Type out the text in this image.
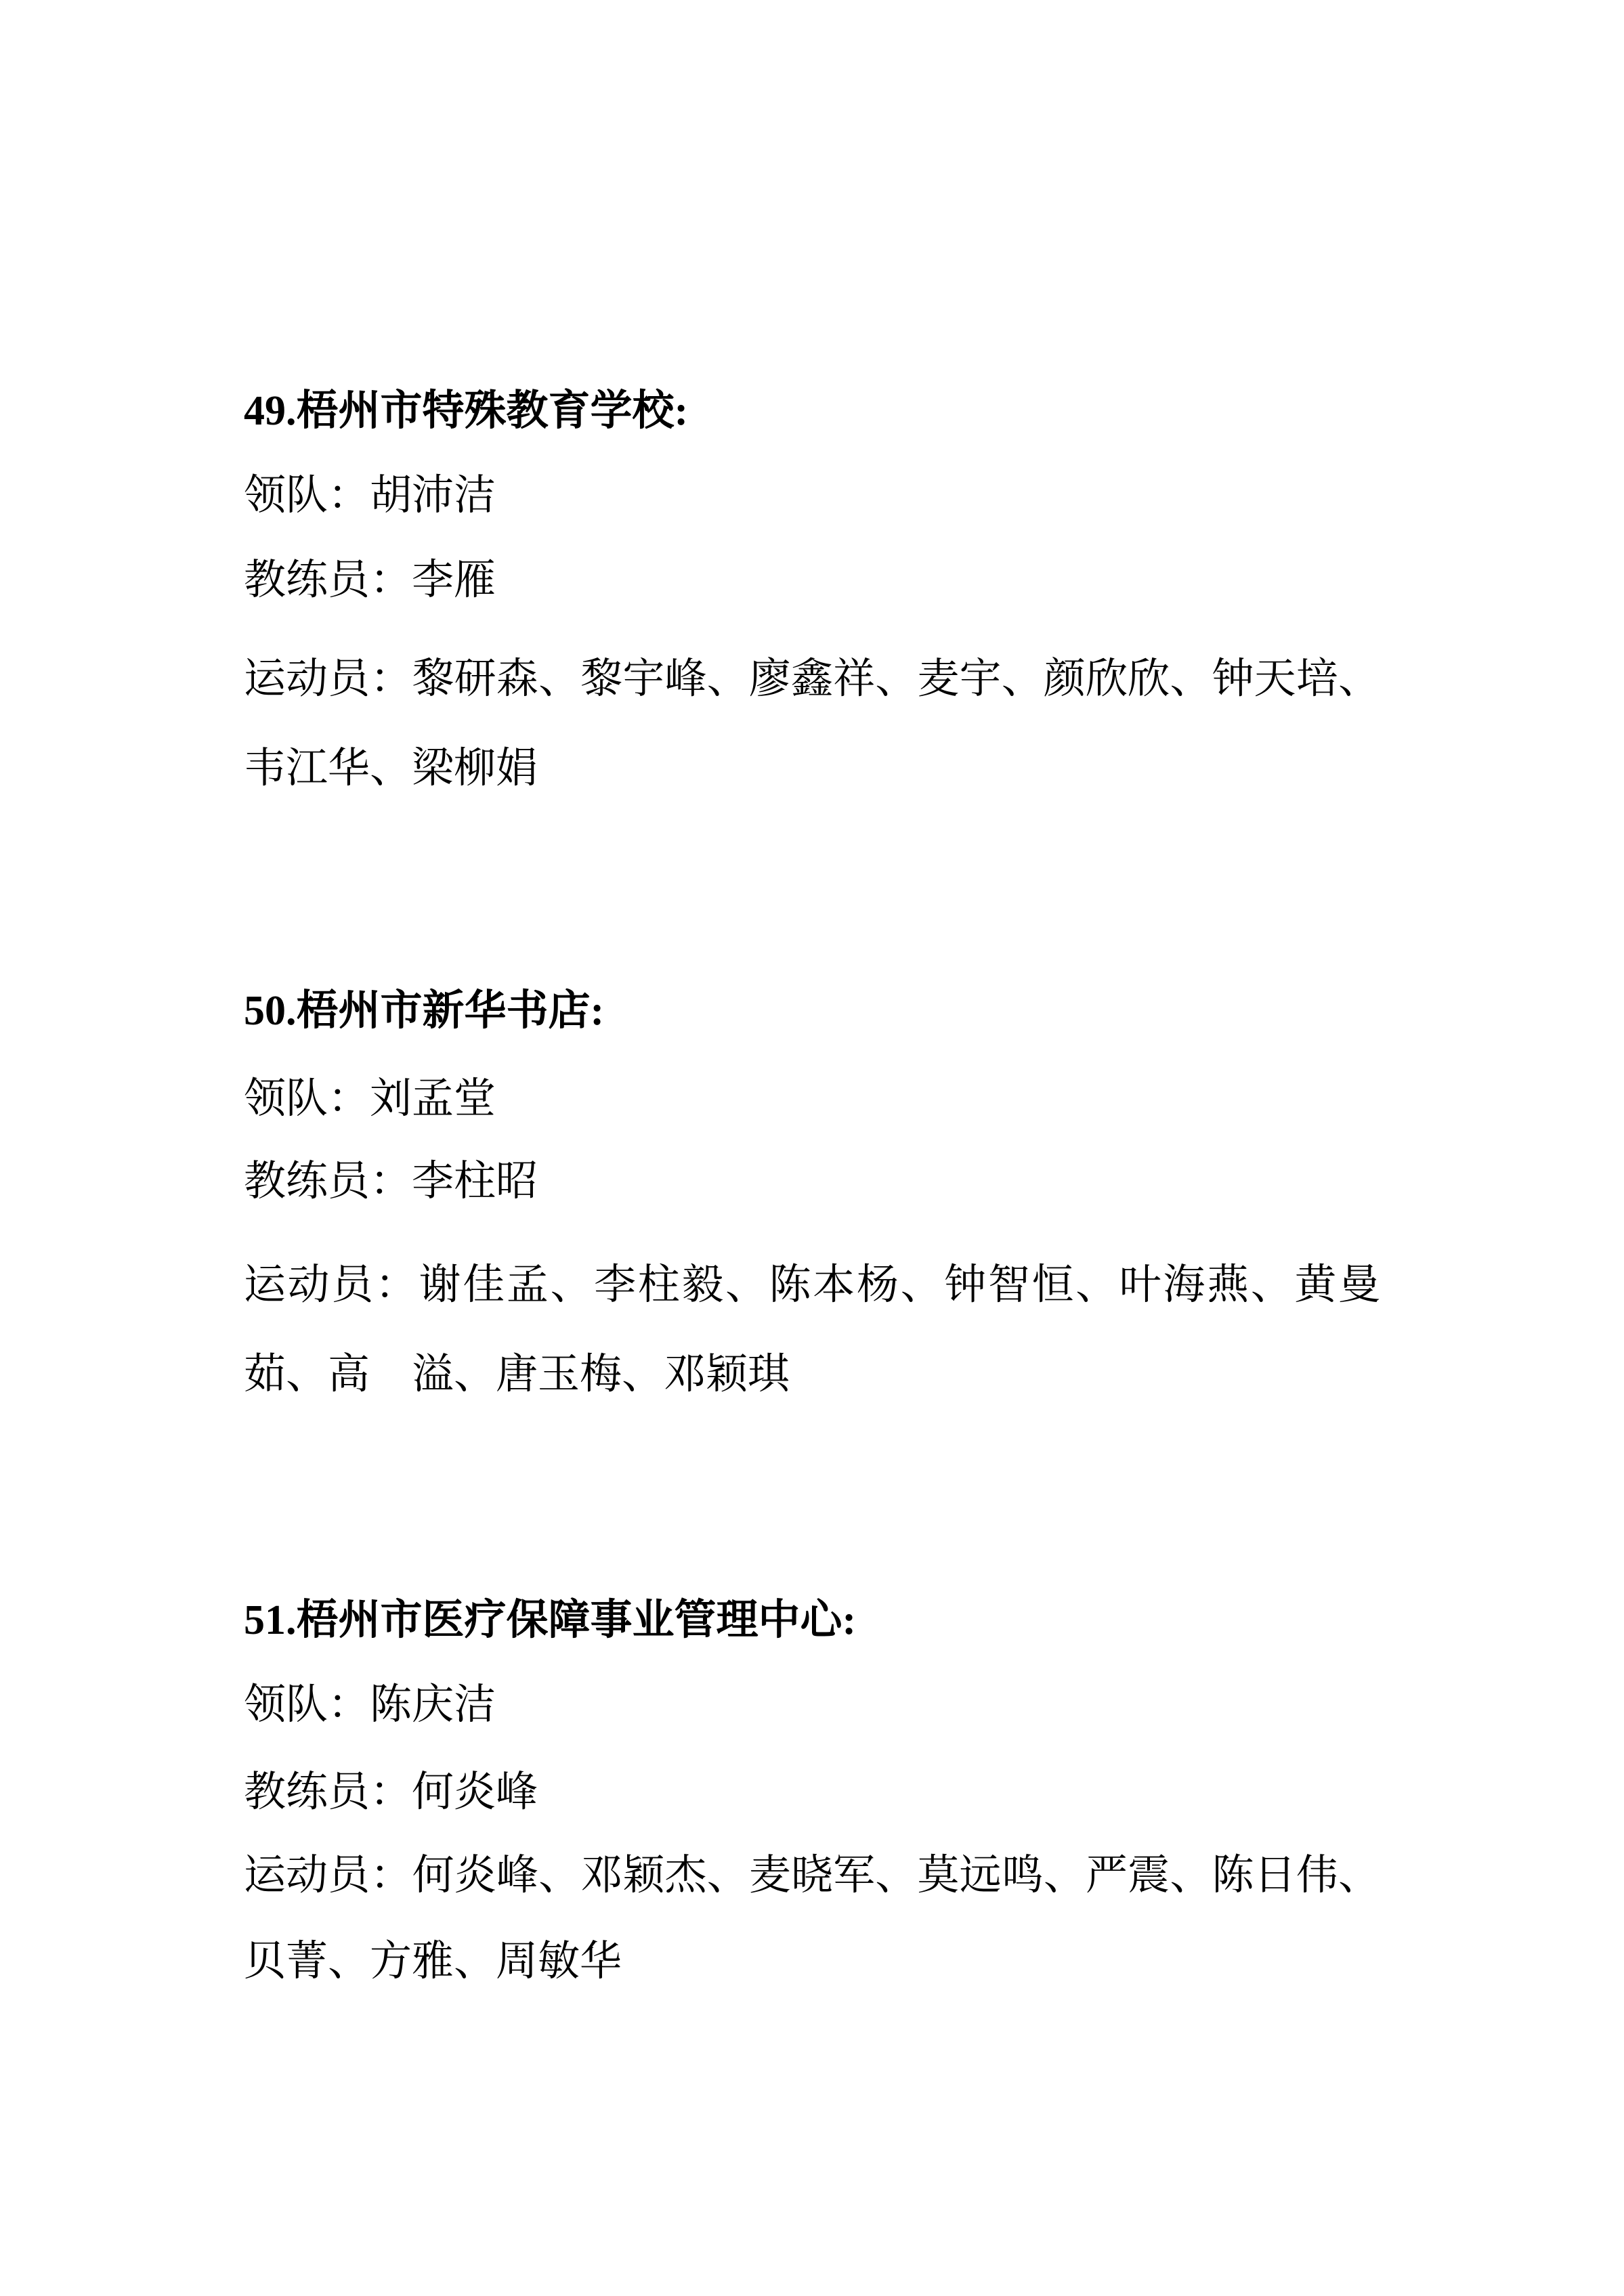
49.梧州市特殊教育学校:
领队：胡沛洁
教练员：李雁
运动员：黎研森、黎宇峰、廖鑫祥、麦宇、颜欣欣、钟天培、
韦江华、梁柳娟
50.梧州市新华书店:
领队：刘孟堂
教练员：李柱昭
运动员：谢佳孟、李柱毅、陈本杨、钟智恒、叶海燕、黄曼
茹、高　溢、唐玉梅、邓颖琪
51.梧州市医疗保障事业管理中心:
领队：陈庆洁
教练员：何炎峰
运动员：何炎峰、邓颖杰、麦晓军、莫远鸣、严震、陈日伟、
贝菁、方雅、周敏华
